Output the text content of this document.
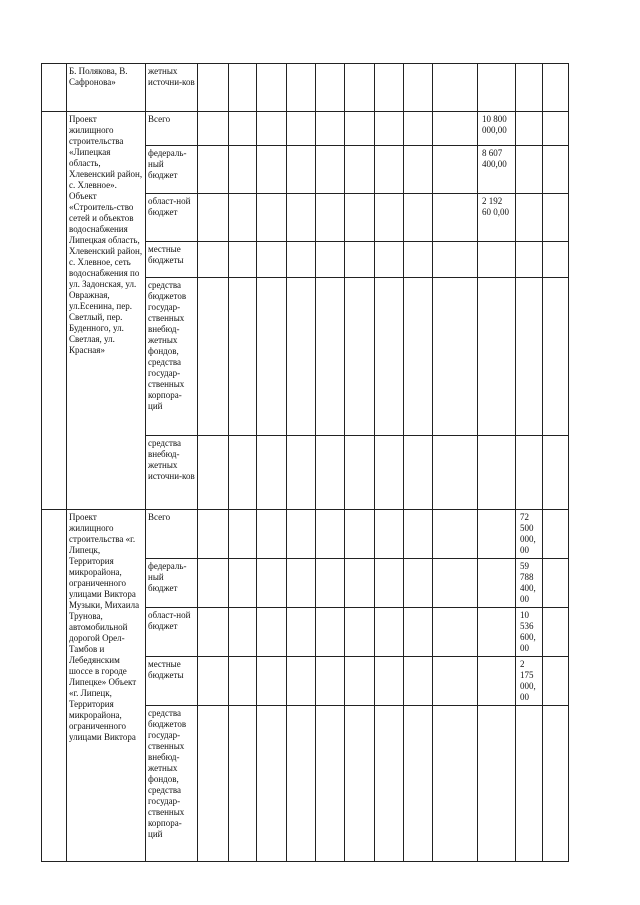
	Б. Полякова, В. Сафронова»	жетных источни-ков												
	Проект жилищного строительства «Липецкая область, Хлевенский район, с. Хлевное». Объект «Строитель-ство сетей и объектов водоснабжения Липецкая область, Хлевенский район, с. Хлевное, сеть водоснабжения по ул. Задонская, ул. Овражная, ул.Есенина, пер. Светлый, пер. Буденного, ул. Светлая, ул. Красная»	Всего										10 800 000,00		
		федераль-ный бюджет										8 607 400,00		
		област-ной бюджет										2 192 60 0,00		
		местные бюджеты												
		средства бюджетов государ-ственных внебюд-жетных фондов, средства государ-ственных корпора-ций												
		средства внебюд-жетных источни-ков												
	Проект жилищного строительства «г. Липецк, Территория микрорайона, ограниченного улицами Виктора Музыки, Михаила Трунова, автомобильной дорогой Орел-Тамбов и Лебедянским шоссе в городе Липецке» Объект «г. Липецк, Территория микрорайона, ограниченного улицами Виктора	Всего											72 500 000,00	
		федераль-ный бюджет											59 788 400,00	
		област-ной бюджет											10 536 600,00	
		местные бюджеты											2 175 000,00	
		средства бюджетов государ-ственных внебюд-жетных фондов, средства государ-ственных корпора-ций												
